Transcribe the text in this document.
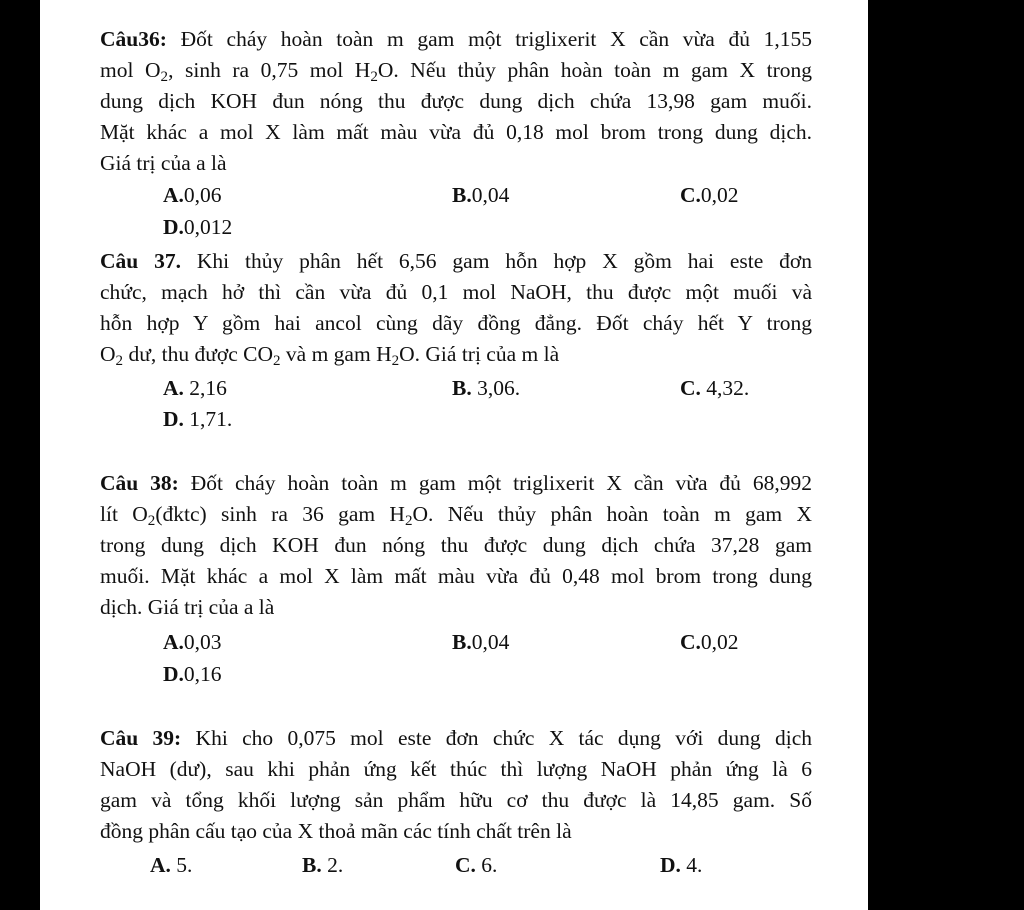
Câu36: Đốt cháy hoàn toàn m gam một triglixerit X cần vừa đủ 1,155
mol $O_2$, sinh ra 0,75 mol $H_2O$. Nếu thủy phân hoàn toàn m gam X trong
dung dịch KOH đun nóng thu được dung dịch chứa 13,98 gam muối.
Mặt khác a mol X làm mất màu vừa đủ 0,18 mol brom trong dung dịch.
Giá trị của a là
A.0,06	B.0,04	C.0,02
D.0,012
Câu 37. Khi thủy phân hết 6,56 gam hỗn hợp X gồm hai este đơn
chức, mạch hở thì cần vừa đủ 0,1 mol NaOH, thu được một muối và
hỗn hợp Y gồm hai ancol cùng dãy đồng đẳng. Đốt cháy hết Y trong
$O_2$ dư, thu được $CO_2$ và m gam $H_2O$. Giá trị của m là
A. 2,16	B. 3,06.	C. 4,32.
D. 1,71.
Câu 38: Đốt cháy hoàn toàn m gam một triglixerit X cần vừa đủ 68,992
lít $O_2(đktc)$ sinh ra 36 gam $H_2O$. Nếu thủy phân hoàn toàn m gam X
trong dung dịch KOH đun nóng thu được dung dịch chứa 37,28 gam
muối. Mặt khác a mol X làm mất màu vừa đủ 0,48 mol brom trong dung
dịch. Giá trị của a là
A.0,03	B.0,04	C.0,02
D.0,16
Câu 39: Khi cho 0,075 mol este đơn chức X tác dụng với dung dịch
NaOH (dư), sau khi phản ứng kết thúc thì lượng NaOH phản ứng là 6
gam và tổng khối lượng sản phẩm hữu cơ thu được là 14,85 gam. Số
đồng phân cấu tạo của X thoả mãn các tính chất trên là
A. 5.	B. 2.	C. 6.	D. 4.
